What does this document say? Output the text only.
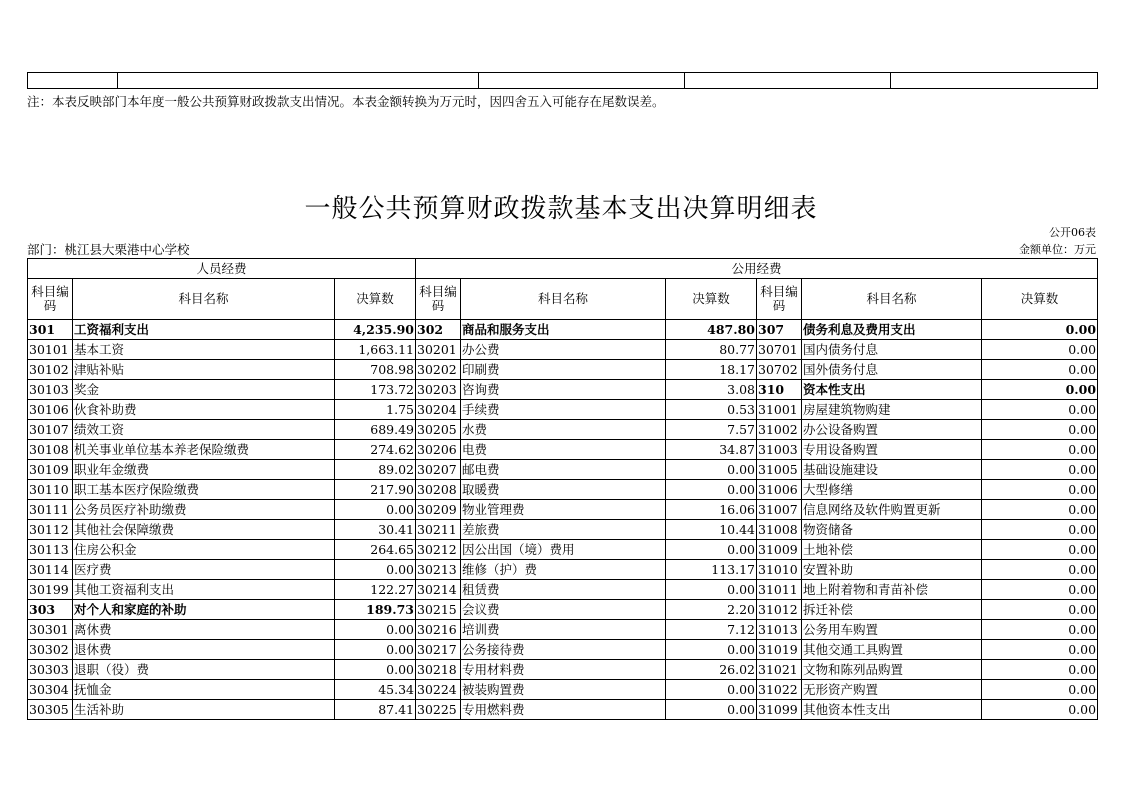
注：本表反映部门本年度一般公共预算财政拨款支出情况。本表金额转换为万元时，因四舍五入可能存在尾数误差。
一般公共预算财政拨款基本支出决算明细表
公开06表
部门：桃江县大栗港中心学校	金额单位：万元
人员经费			公用经费					
科目编码	科目名称	决算数	科目编码	科目名称	决算数	科目编码	科目名称	决算数
301	工资福利支出	4,235.90	302	商品和服务支出	487.80	307	债务利息及费用支出	0.00
30101	基本工资	1,663.11	30201	办公费	80.77	30701	国内债务付息	0.00
30102	津贴补贴	708.98	30202	印刷费	18.17	30702	国外债务付息	0.00
30103	奖金	173.72	30203	咨询费	3.08	310	资本性支出	0.00
30106	伙食补助费	1.75	30204	手续费	0.53	31001	房屋建筑物购建	0.00
30107	绩效工资	689.49	30205	水费	7.57	31002	办公设备购置	0.00
30108	机关事业单位基本养老保险缴费	274.62	30206	电费	34.87	31003	专用设备购置	0.00
30109	职业年金缴费	89.02	30207	邮电费	0.00	31005	基础设施建设	0.00
30110	职工基本医疗保险缴费	217.90	30208	取暖费	0.00	31006	大型修缮	0.00
30111	公务员医疗补助缴费	0.00	30209	物业管理费	16.06	31007	信息网络及软件购置更新	0.00
30112	其他社会保障缴费	30.41	30211	差旅费	10.44	31008	物资储备	0.00
30113	住房公积金	264.65	30212	因公出国（境）费用	0.00	31009	土地补偿	0.00
30114	医疗费	0.00	30213	维修（护）费	113.17	31010	安置补助	0.00
30199	其他工资福利支出	122.27	30214	租赁费	0.00	31011	地上附着物和青苗补偿	0.00
303	对个人和家庭的补助	189.73	30215	会议费	2.20	31012	拆迁补偿	0.00
30301	离休费	0.00	30216	培训费	7.12	31013	公务用车购置	0.00
30302	退休费	0.00	30217	公务接待费	0.00	31019	其他交通工具购置	0.00
30303	退职（役）费	0.00	30218	专用材料费	26.02	31021	文物和陈列品购置	0.00
30304	抚恤金	45.34	30224	被装购置费	0.00	31022	无形资产购置	0.00
30305	生活补助	87.41	30225	专用燃料费	0.00	31099	其他资本性支出	0.00
